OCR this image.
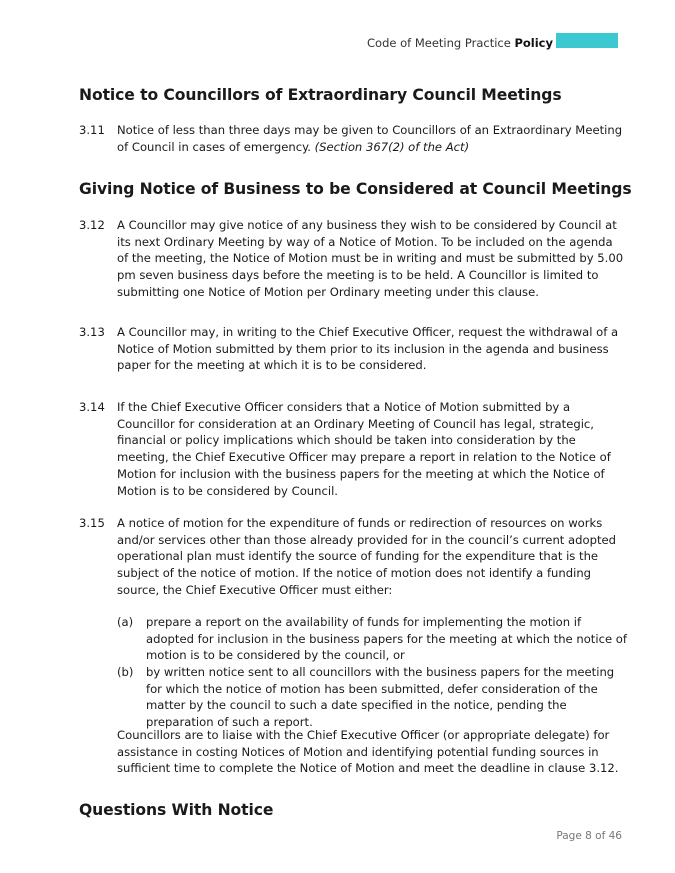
Code of Meeting Practice Policy
Notice to Councillors of Extraordinary Council Meetings
3.11 Notice of less than three days may be given to Councillors of an Extraordinary Meeting of Council in cases of emergency. (Section 367(2) of the Act)
Giving Notice of Business to be Considered at Council Meetings
3.12 A Councillor may give notice of any business they wish to be considered by Council at its next Ordinary Meeting by way of a Notice of Motion. To be included on the agenda of the meeting, the Notice of Motion must be in writing and must be submitted by 5.00 pm seven business days before the meeting is to be held. A Councillor is limited to submitting one Notice of Motion per Ordinary meeting under this clause.
3.13 A Councillor may, in writing to the Chief Executive Officer, request the withdrawal of a Notice of Motion submitted by them prior to its inclusion in the agenda and business paper for the meeting at which it is to be considered.
3.14 If the Chief Executive Officer considers that a Notice of Motion submitted by a Councillor for consideration at an Ordinary Meeting of Council has legal, strategic, financial or policy implications which should be taken into consideration by the meeting, the Chief Executive Officer may prepare a report in relation to the Notice of Motion for inclusion with the business papers for the meeting at which the Notice of Motion is to be considered by Council.
3.15 A notice of motion for the expenditure of funds or redirection of resources on works and/or services other than those already provided for in the council’s current adopted operational plan must identify the source of funding for the expenditure that is the subject of the notice of motion. If the notice of motion does not identify a funding source, the Chief Executive Officer must either:
(a) prepare a report on the availability of funds for implementing the motion if adopted for inclusion in the business papers for the meeting at which the notice of motion is to be considered by the council, or
(b) by written notice sent to all councillors with the business papers for the meeting for which the notice of motion has been submitted, defer consideration of the matter by the council to such a date specified in the notice, pending the preparation of such a report.
Councillors are to liaise with the Chief Executive Officer (or appropriate delegate) for assistance in costing Notices of Motion and identifying potential funding sources in sufficient time to complete the Notice of Motion and meet the deadline in clause 3.12.
Questions With Notice
Page 8 of 46
